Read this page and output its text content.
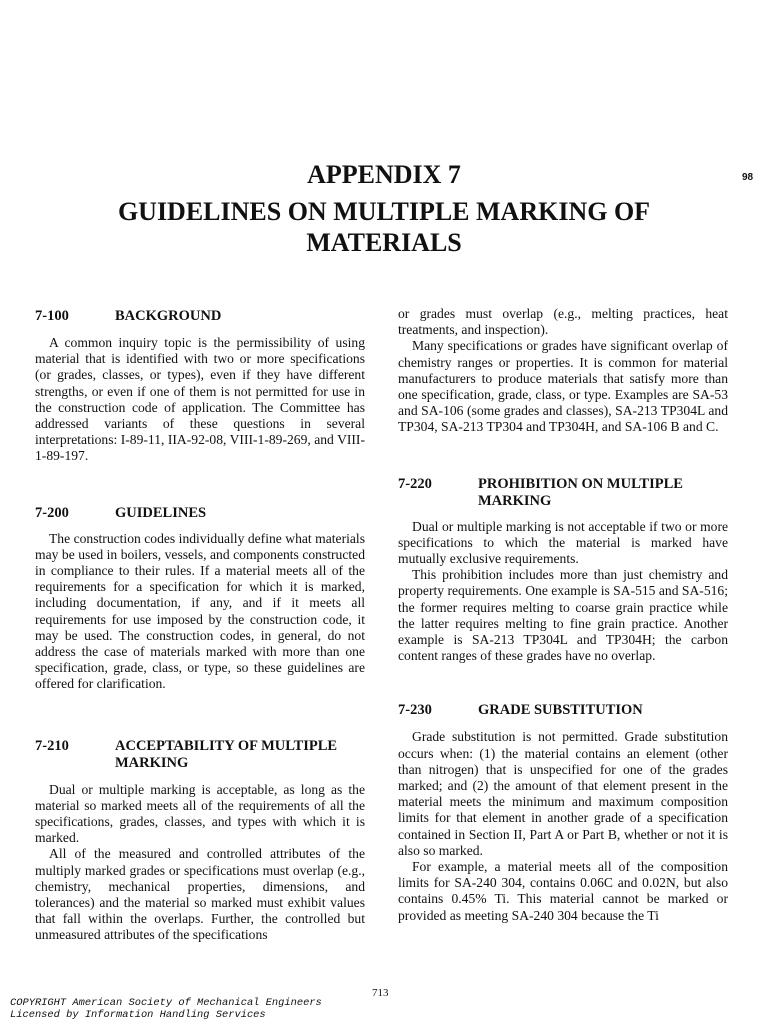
98
APPENDIX 7
GUIDELINES ON MULTIPLE MARKING OF
MATERIALS
7-100	BACKGROUND

A common inquiry topic is the permissibility of using material that is identified with two or more specifications (or grades, classes, or types), even if they have different strengths, or even if one of them is not permitted for use in the construction code of application. The Committee has addressed variants of these questions in several interpretations: I-89-11, IIA-92-08, VIII-1-89-269, and VIII-1-89-197.

7-200	GUIDELINES

The construction codes individually define what materials may be used in boilers, vessels, and components constructed in compliance to their rules. If a material meets all of the requirements for a specification for which it is marked, including documentation, if any, and if it meets all requirements for use imposed by the construction code, it may be used. The construction codes, in general, do not address the case of materials marked with more than one specification, grade, class, or type, so these guidelines are offered for clarification.

7-210	ACCEPTABILITY OF MULTIPLE MARKING

Dual or multiple marking is acceptable, as long as the material so marked meets all of the requirements of all the specifications, grades, classes, and types with which it is marked.

All of the measured and controlled attributes of the multiply marked grades or specifications must overlap (e.g., chemistry, mechanical properties, dimensions, and tolerances) and the material so marked must exhibit values that fall within the overlaps. Further, the controlled but unmeasured attributes of the specifications

or grades must overlap (e.g., melting practices, heat treatments, and inspection).

Many specifications or grades have significant overlap of chemistry ranges or properties. It is common for material manufacturers to produce materials that satisfy more than one specification, grade, class, or type. Examples are SA-53 and SA-106 (some grades and classes), SA-213 TP304L and TP304, SA-213 TP304 and TP304H, and SA-106 B and C.

7-220	PROHIBITION ON MULTIPLE MARKING

Dual or multiple marking is not acceptable if two or more specifications to which the material is marked have mutually exclusive requirements.

This prohibition includes more than just chemistry and property requirements. One example is SA-515 and SA-516; the former requires melting to coarse grain practice while the latter requires melting to fine grain practice. Another example is SA-213 TP304L and TP304H; the carbon content ranges of these grades have no overlap.

7-230	GRADE SUBSTITUTION

Grade substitution is not permitted. Grade substitution occurs when: (1) the material contains an element (other than nitrogen) that is unspecified for one of the grades marked; and (2) the amount of that element present in the material meets the minimum and maximum composition limits for that element in another grade of a specification contained in Section II, Part A or Part B, whether or not it is also so marked.

For example, a material meets all of the composition limits for SA-240 304, contains 0.06C and 0.02N, but also contains 0.45% Ti. This material cannot be marked or provided as meeting SA-240 304 because the Ti

713
COPYRIGHT American Society of Mechanical Engineers
Licensed by Information Handling Services
